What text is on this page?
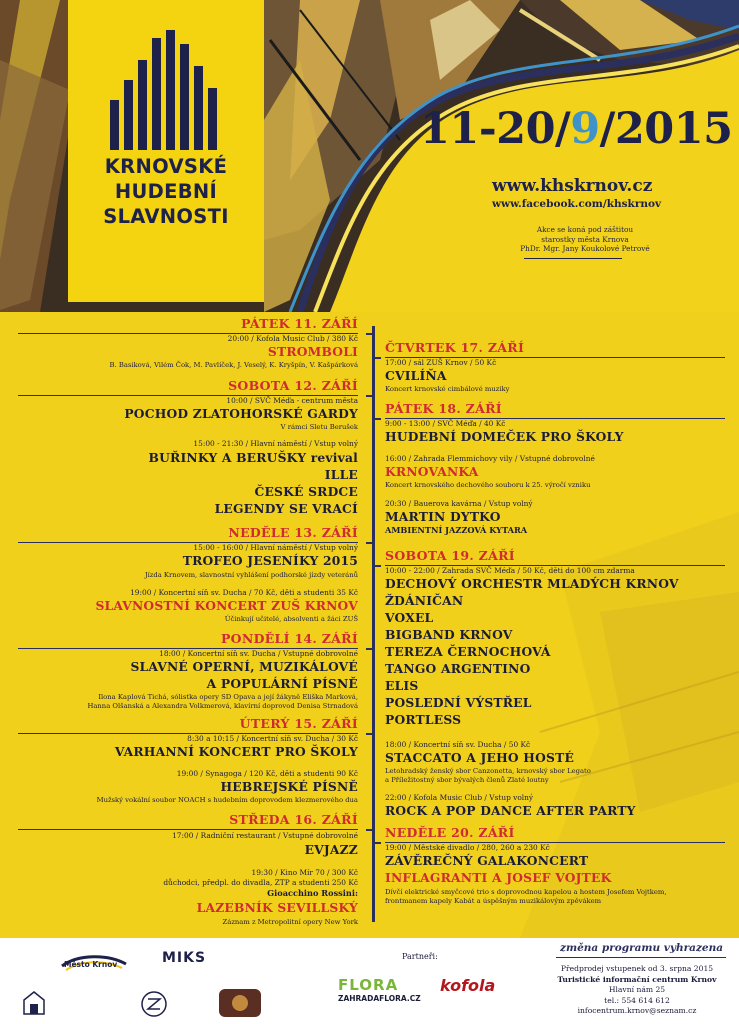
KRNOVSKÉ
HUDEBNÍ
SLAVNOSTI
11-20/9/2015
www.khskrnov.cz
www.facebook.com/khskrnov
Akce se koná pod záštitou
starostky města Krnova
PhDr. Mgr. Jany Koukolové Petrové
PÁTEK 11. ZÁŘÍ
20:00 / Kofola Music Club / 380 Kč
STROMBOLI
B. Basiková, Vilém Čok, M. Pavlíček, J. Veselý, K. Kryšpín, V. Kašpárková
SOBOTA 12. ZÁŘÍ
10:00 / SVČ Méďa - centrum města
POCHOD ZLATOHORSKÉ GARDY
V rámci Sletu Berušek
15:00 - 21:30 / Hlavní náměstí / Vstup volný
BUŘINKY A BERUŠKY revival
ILLE
ČESKÉ SRDCE
LEGENDY SE VRACÍ
NEDĚLE 13. ZÁŘÍ
15:00 - 16:00 / Hlavní náměstí / Vstup volný
TROFEO JESENÍKY 2015
Jízda Krnovem, slavnostní vyhlášení podhorské jízdy veteránů
19:00 / Koncertní síň sv. Ducha / 70 Kč, děti a studenti 35 Kč
SLAVNOSTNÍ KONCERT ZUŠ KRNOV
Účinkují učitelé, absolventi a žáci ZUŠ
PONDĚLÍ 14. ZÁŘÍ
18:00 / Koncertní síň sv. Ducha / Vstupné dobrovolné
SLAVNÉ OPERNÍ, MUZIKÁLOVÉ
A POPULÁRNÍ PÍSNĚ
Ilona Kaplová Tichá, sólistka opery SD Opava a její žákyně Eliška Marková,
Hanna Olšanská a Alexandra Volkmerová, klavírní doprovod Denisa Strnadová
ÚTERÝ 15. ZÁŘÍ
8:30 a 10:15 / Koncertní síň sv. Ducha / 30 Kč
VARHANNÍ KONCERT PRO ŠKOLY
19:00 / Synagoga / 120 Kč, děti a studenti 90 Kč
HEBREJSKÉ PÍSNĚ
Mužský vokální soubor NOACH s hudebním doprovodem klezmerového dua
STŘEDA 16. ZÁŘÍ
17:00 / Radniční restaurant / Vstupné dobrovolné
EVJAZZ
19:30 / Kino Mír 70 / 300 Kč
důchodci, předpl. do divadla, ZTP a studenti 250 Kč
Gioacchino Rossini:
LAZEBNÍK SEVILLSKÝ
Záznam z Metropolitní opery New York
ČTVRTEK 17. ZÁŘÍ
17:00 / sál ZUŠ Krnov / 50 Kč
CVILÍŇA
Koncert krnovské cimbálové muziky
PÁTEK 18. ZÁŘÍ
9:00 - 13:00 / SVČ Méďa / 40 Kč
HUDEBNÍ DOMEČEK PRO ŠKOLY
16:00 / Zahrada Flemmichovy vily / Vstupné dobrovolné
KRNOVANKA
Koncert krnovského dechového souboru k 25. výročí vzniku
20:30 / Bauerova kavárna / Vstup volný
MARTIN DYTKO
AMBIENTNÍ JAZZOVÁ KYTARA
SOBOTA 19. ZÁŘÍ
10:00 - 22:00 / Zahrada SVČ Méďa / 50 Kč, děti do 100 cm zdarma
DECHOVÝ ORCHESTR MLADÝCH KRNOV
ŽDÁNIČAN
VOXEL
BIGBAND KRNOV
TEREZA ČERNOCHOVÁ
TANGO ARGENTINO
ELIS
POSLEDNÍ VÝSTŘEL
PORTLESS
18:00 / Koncertní síň sv. Ducha / 50 Kč
STACCATO A JEHO HOSTÉ
Letohradský ženský sbor Canzonetta, krnovský sbor Legato
a Příležitostný sbor bývalých členů Zlaté loutny
22:00 / Kofola Music Club / Vstup volný
ROCK A POP DANCE AFTER PARTY
NEDĚLE 20. ZÁŘÍ
19:00 / Městské divadlo / 280, 260 a 230 Kč
ZÁVĚREČNÝ GALAKONCERT
INFLAGRANTI A JOSEF VOJTEK
Dívčí elektrické smyčcové trio s doprovodnou kapelou a hostem Josefem Vojtkem,
frontmanem kapely Kabát a úspěšným muzikálovým zpěvákem
Město Krnov	MIKS	Partneři:
FLORA
ZAHRADAFLORA.CZ
kofola
změna programu vyhrazena
Předprodej vstupenek od 3. srpna 2015
Turistické informační centrum Krnov
Hlavní nám 25
tel.: 554 614 612
infocentrum.krnov@seznam.cz
